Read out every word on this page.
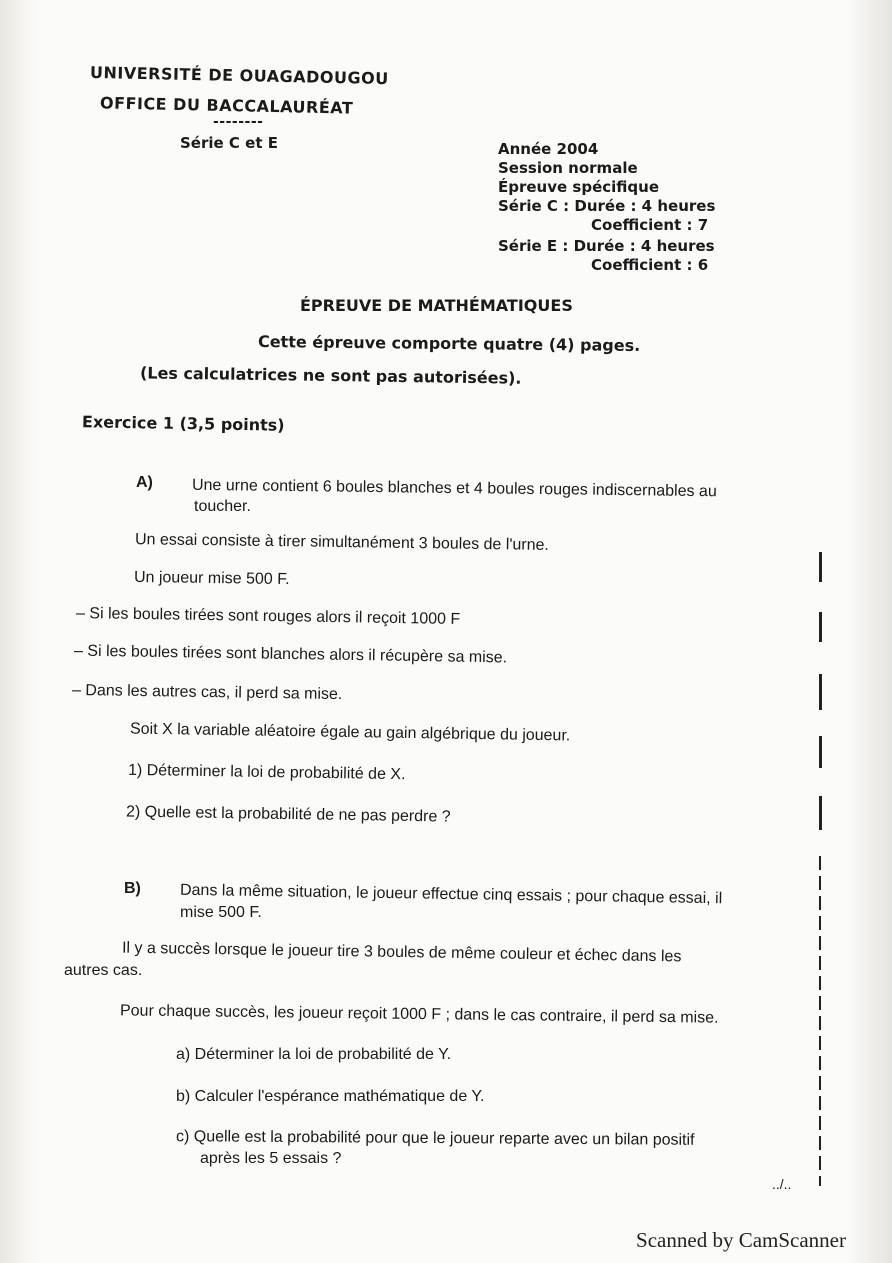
UNIVERSITÉ DE OUAGADOUGOU
OFFICE DU BACCALAURÉAT
--------
Série C et E	Année 2004
Session normale
Épreuve spécifique
Série C : Durée : 4 heures
Coefficient : 7
Série E : Durée : 4 heures
Coefficient : 6
ÉPREUVE DE MATHÉMATIQUES
Cette épreuve comporte quatre (4) pages.
(Les calculatrices ne sont pas autorisées).
Exercice 1 (3,5 points)
A) Une urne contient 6 boules blanches et 4 boules rouges indiscernables au
toucher.
Un essai consiste à tirer simultanément 3 boules de l'urne.
Un joueur mise 500 F.
– Si les boules tirées sont rouges alors il reçoit 1000 F
– Si les boules tirées sont blanches alors il récupère sa mise.
– Dans les autres cas, il perd sa mise.
Soit X la variable aléatoire égale au gain algébrique du joueur.
1) Déterminer la loi de probabilité de X.
2) Quelle est la probabilité de ne pas perdre ?
B) Dans la même situation, le joueur effectue cinq essais ; pour chaque essai, il
mise 500 F.
Il y a succès lorsque le joueur tire 3 boules de même couleur et échec dans les
autres cas.
Pour chaque succès, les joueur reçoit 1000 F ; dans le cas contraire, il perd sa mise.
a) Déterminer la loi de probabilité de Y.
b) Calculer l'espérance mathématique de Y.
c) Quelle est la probabilité pour que le joueur reparte avec un bilan positif
après les 5 essais ?
../..
Scanned by CamScanner
